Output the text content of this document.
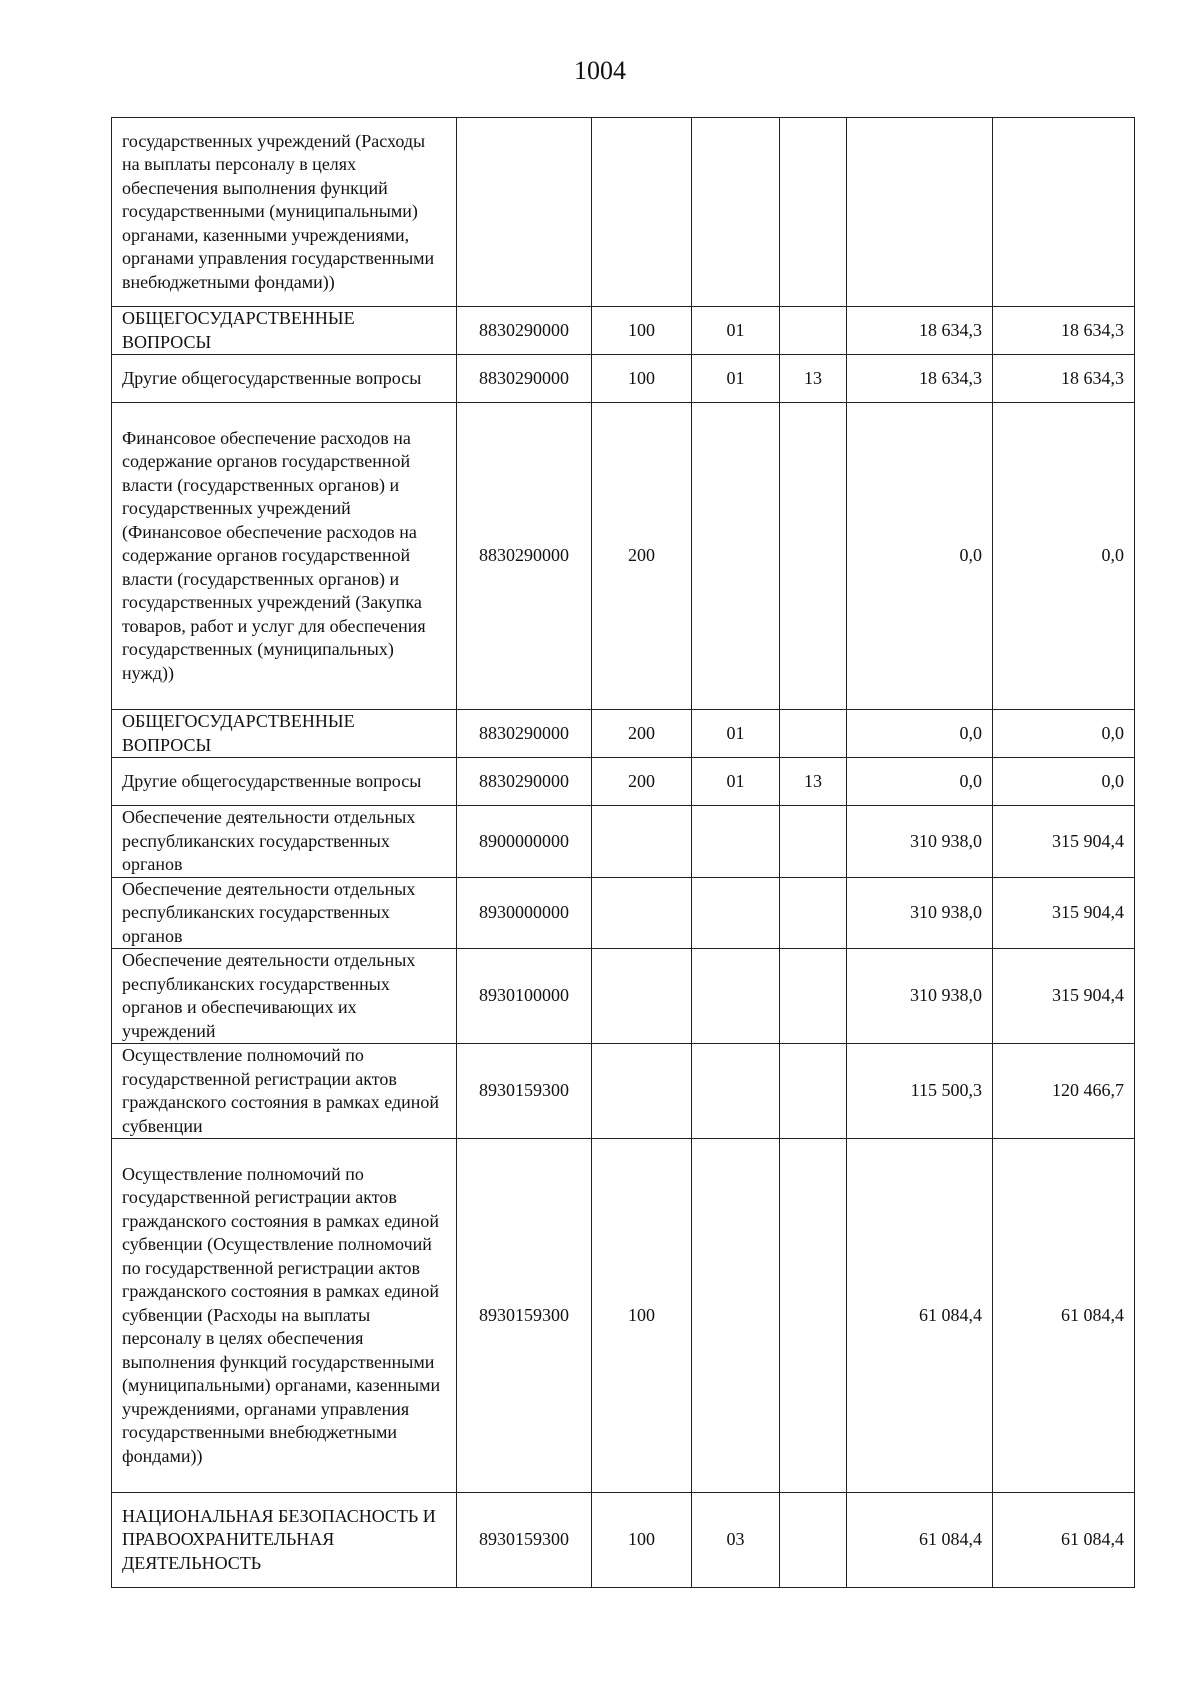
1004
государственных учреждений (Расходы на выплаты персоналу в целях обеспечения выполнения функций государственными (муниципальными) органами, казенными учреждениями, органами управления государственными внебюджетными фондами))						
ОБЩЕГОСУДАРСТВЕННЫЕ ВОПРОСЫ	8830290000	100	01		18 634,3	18 634,3
Другие общегосударственные вопросы	8830290000	100	01	13	18 634,3	18 634,3
Финансовое обеспечение расходов на содержание органов государственной власти (государственных органов) и государственных учреждений (Финансовое обеспечение расходов на содержание органов государственной власти (государственных органов) и государственных учреждений (Закупка товаров, работ и услуг для обеспечения государственных (муниципальных) нужд))	8830290000	200			0,0	0,0
ОБЩЕГОСУДАРСТВЕННЫЕ ВОПРОСЫ	8830290000	200	01		0,0	0,0
Другие общегосударственные вопросы	8830290000	200	01	13	0,0	0,0
Обеспечение деятельности отдельных республиканских государственных органов	8900000000				310 938,0	315 904,4
Обеспечение деятельности отдельных республиканских государственных органов	8930000000				310 938,0	315 904,4
Обеспечение деятельности отдельных республиканских государственных органов и обеспечивающих их учреждений	8930100000				310 938,0	315 904,4
Осуществление полномочий по государственной регистрации актов гражданского состояния в рамках единой субвенции	8930159300				115 500,3	120 466,7
Осуществление полномочий по государственной регистрации актов гражданского состояния в рамках единой субвенции (Осуществление полномочий по государственной регистрации актов гражданского состояния в рамках единой субвенции (Расходы на выплаты персоналу в целях обеспечения выполнения функций государственными (муниципальными) органами, казенными учреждениями, органами управления государственными внебюджетными фондами))	8930159300	100			61 084,4	61 084,4
НАЦИОНАЛЬНАЯ БЕЗОПАСНОСТЬ И ПРАВООХРАНИТЕЛЬНАЯ ДЕЯТЕЛЬНОСТЬ	8930159300	100	03		61 084,4	61 084,4
